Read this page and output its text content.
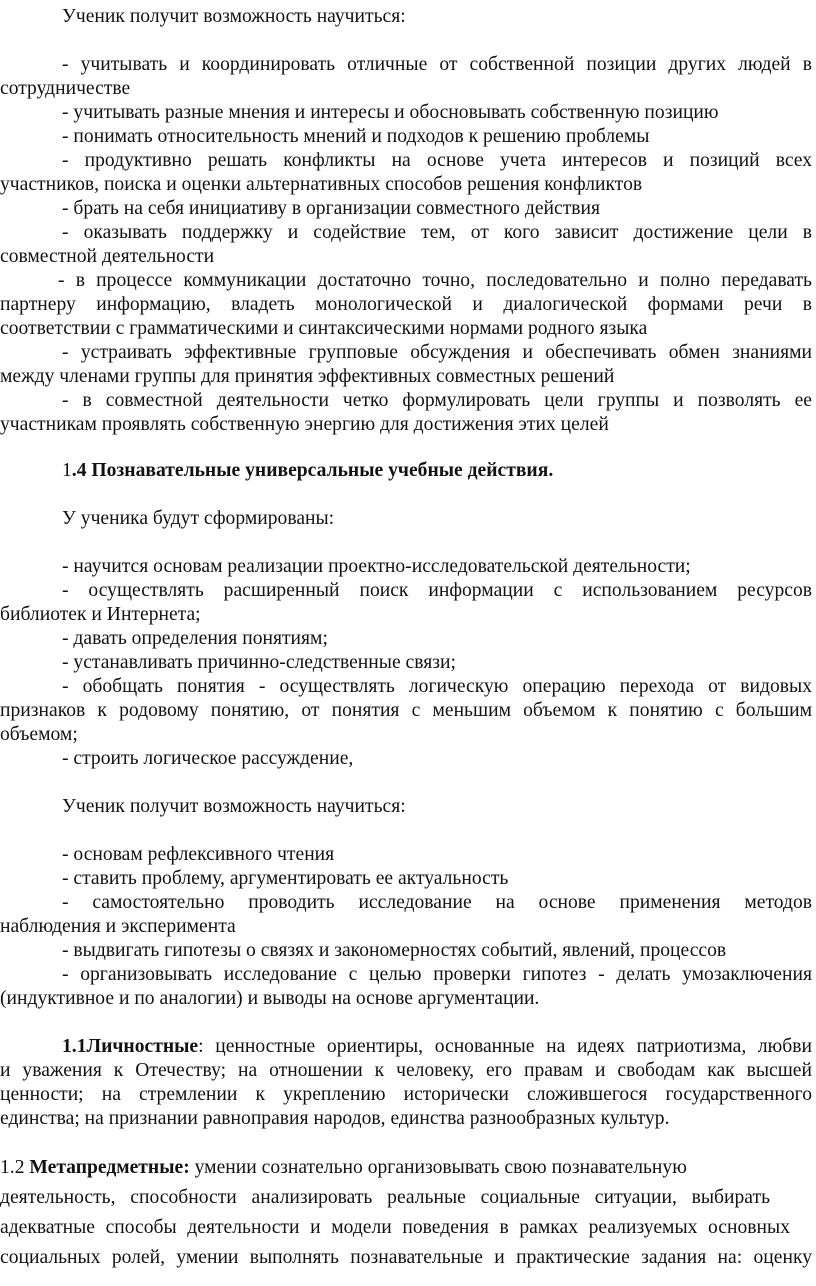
Ученик получит возможность научиться:
- учитывать и координировать отличные от собственной позиции других людей в
сотрудничестве
- учитывать разные мнения и интересы и обосновывать собственную позицию
- понимать относительность мнений и подходов к решению проблемы
- продуктивно решать конфликты на основе учета интересов и позиций всех
участников, поиска и оценки альтернативных способов решения конфликтов
- брать на себя инициативу в организации совместного действия
- оказывать поддержку и содействие тем, от кого зависит достижение цели в
совместной деятельности
- в процессе коммуникации достаточно точно, последовательно и полно передавать
партнеру информацию, владеть монологической и диалогической формами речи в
соответствии с грамматическими и синтаксическими нормами родного языка
- устраивать эффективные групповые обсуждения и обеспечивать обмен знаниями
между членами группы для принятия эффективных совместных решений
- в совместной деятельности четко формулировать цели группы и позволять ее
участникам проявлять собственную энергию для достижения этих целей
1.4 Познавательные универсальные учебные действия.
У ученика будут сформированы:
- научится основам реализации проектно-исследовательской деятельности;
- осуществлять расширенный поиск информации с использованием ресурсов
библиотек и Интернета;
- давать определения понятиям;
- устанавливать причинно-следственные связи;
- обобщать понятия - осуществлять логическую операцию перехода от видовых
признаков к родовому понятию, от понятия с меньшим объемом к понятию с большим
объемом;
- строить логическое рассуждение,
Ученик получит возможность научиться:
- основам рефлексивного чтения
- ставить проблему, аргументировать ее актуальность
- самостоятельно проводить исследование на основе применения методов
наблюдения и эксперимента
- выдвигать гипотезы о связях и закономерностях событий, явлений, процессов
- организовывать исследование с целью проверки гипотез - делать умозаключения
(индуктивное и по аналогии) и выводы на основе аргументации.
1.1Личностные: ценностные ориентиры, основанные на идеях патриотизма, любви
и уважения к Отечеству; на отношении к человеку, его правам и свободам как высшей
ценности; на стремлении к укреплению исторически сложившегося государственного
единства; на признании равноправия народов, единства разнообразных культур.
1.2 Метапредметные: умении сознательно организовывать свою познавательную
деятельность, способности анализировать реальные социальные ситуации, выбирать
адекватные способы деятельности и модели поведения в рамках реализуемых основных
социальных ролей, умении выполнять познавательные и практические задания на: оценку
